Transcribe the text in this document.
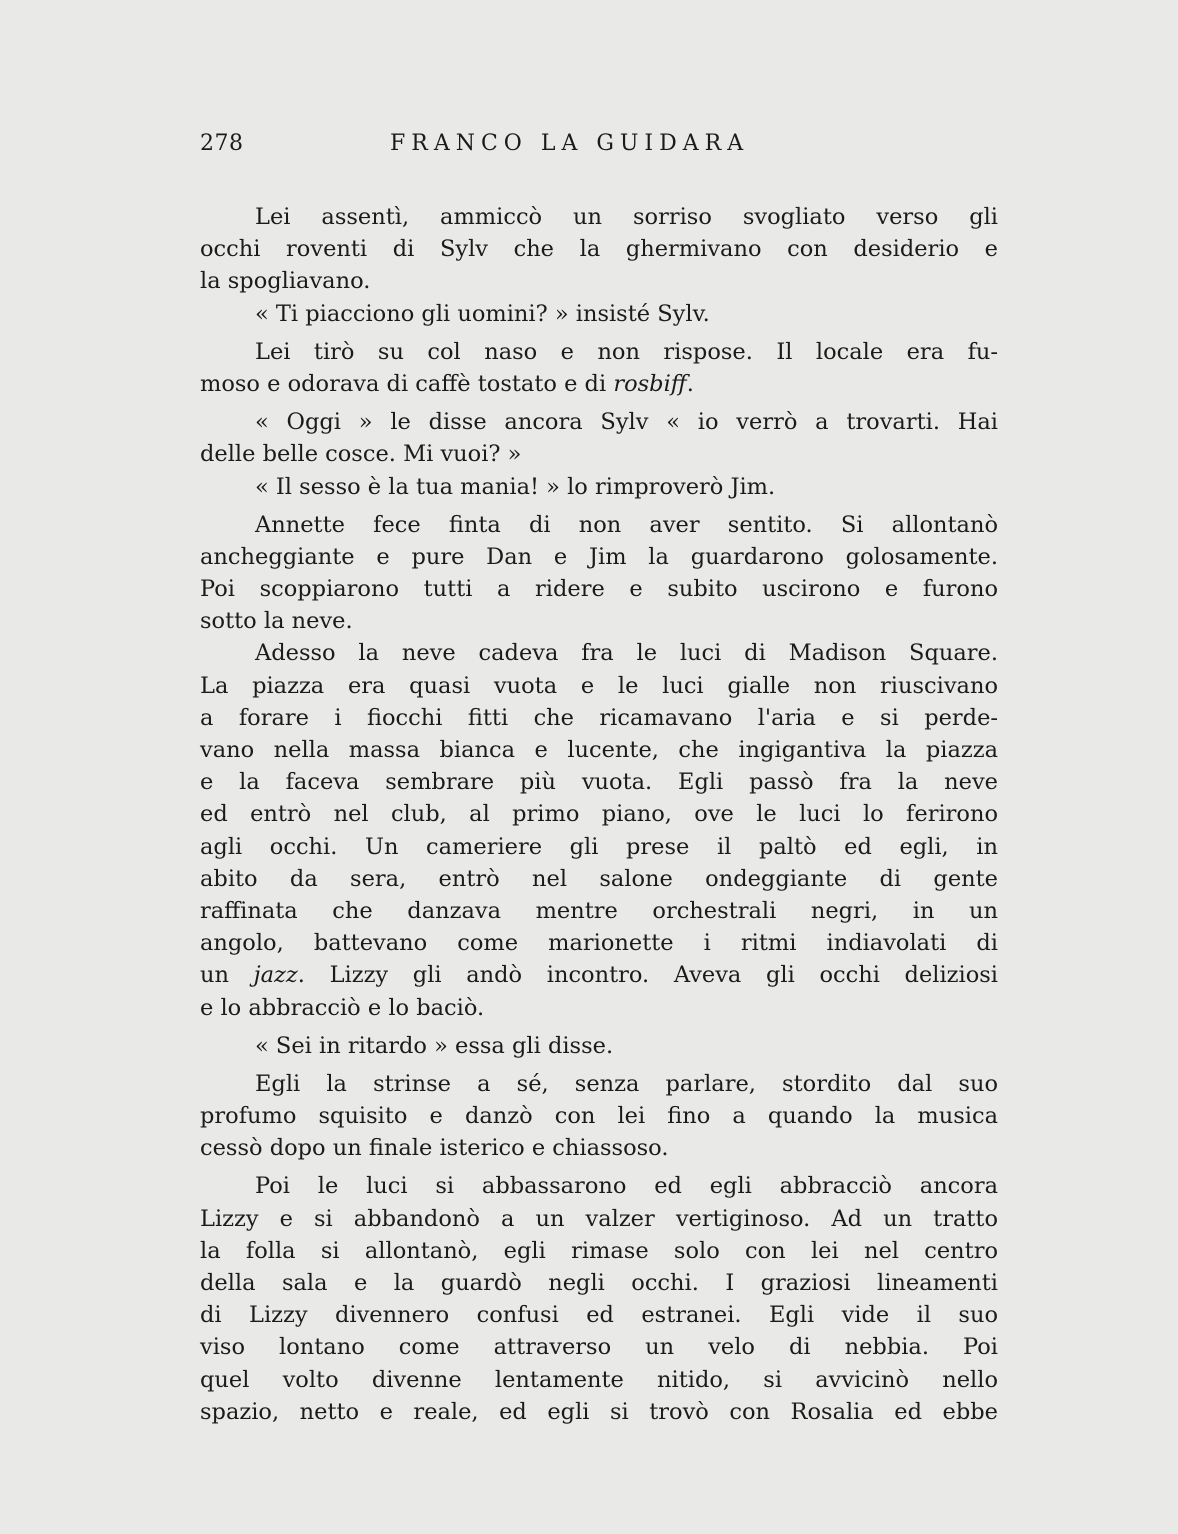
278	FRANCO LA GUIDARA
Lei assentì, ammiccò un sorriso svogliato verso gli
occhi roventi di Sylv che la ghermivano con desiderio e
la spogliavano.
« Ti piacciono gli uomini? » insisté Sylv.
Lei tirò su col naso e non rispose. Il locale era fu-
moso e odorava di caffè tostato e di rosbiff.
« Oggi » le disse ancora Sylv « io verrò a trovarti. Hai
delle belle cosce. Mi vuoi? »
« Il sesso è la tua mania! » lo rimproverò Jim.
Annette fece finta di non aver sentito. Si allontanò
ancheggiante e pure Dan e Jim la guardarono golosamente.
Poi scoppiarono tutti a ridere e subito uscirono e furono
sotto la neve.
Adesso la neve cadeva fra le luci di Madison Square.
La piazza era quasi vuota e le luci gialle non riuscivano
a forare i fiocchi fitti che ricamavano l'aria e si perde-
vano nella massa bianca e lucente, che ingigantiva la piazza
e la faceva sembrare più vuota. Egli passò fra la neve
ed entrò nel club, al primo piano, ove le luci lo ferirono
agli occhi. Un cameriere gli prese il paltò ed egli, in
abito da sera, entrò nel salone ondeggiante di gente
raffinata che danzava mentre orchestrali negri, in un
angolo, battevano come marionette i ritmi indiavolati di
un jazz. Lizzy gli andò incontro. Aveva gli occhi deliziosi
e lo abbracciò e lo baciò.
« Sei in ritardo » essa gli disse.
Egli la strinse a sé, senza parlare, stordito dal suo
profumo squisito e danzò con lei fino a quando la musica
cessò dopo un finale isterico e chiassoso.
Poi le luci si abbassarono ed egli abbracciò ancora
Lizzy e si abbandonò a un valzer vertiginoso. Ad un tratto
la folla si allontanò, egli rimase solo con lei nel centro
della sala e la guardò negli occhi. I graziosi lineamenti
di Lizzy divennero confusi ed estranei. Egli vide il suo
viso lontano come attraverso un velo di nebbia. Poi
quel volto divenne lentamente nitido, si avvicinò nello
spazio, netto e reale, ed egli si trovò con Rosalia ed ebbe
